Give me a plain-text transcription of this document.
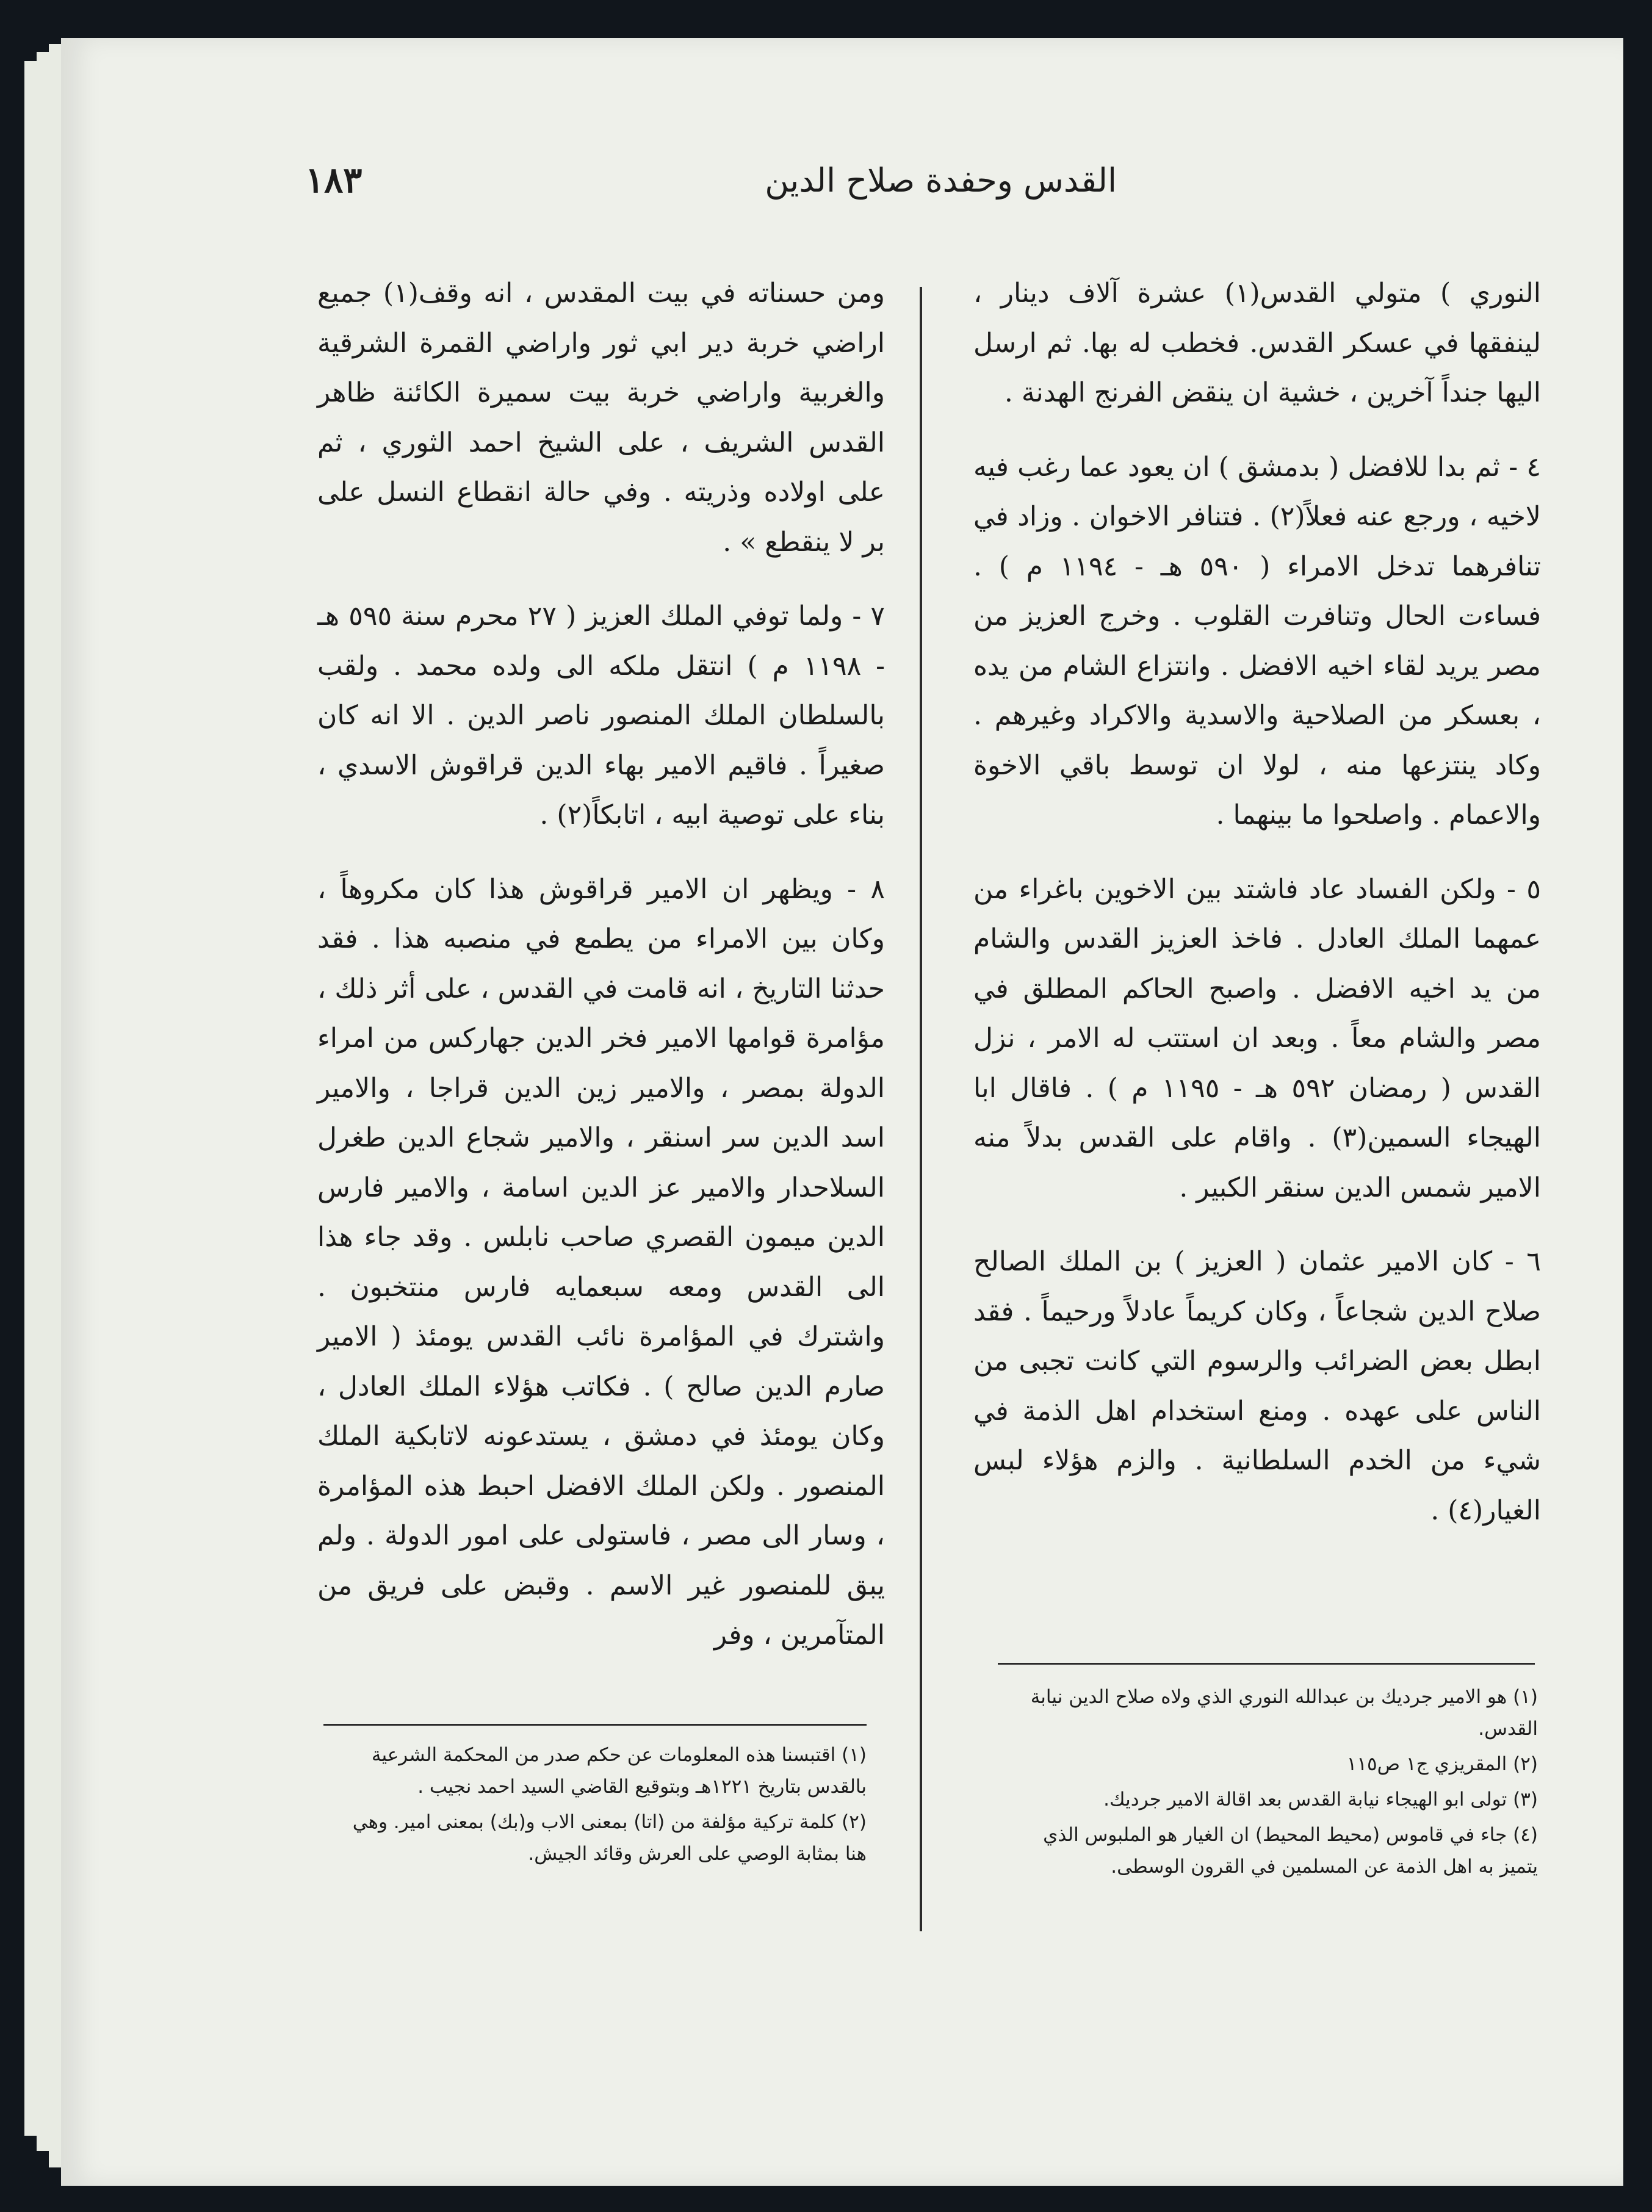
القدس وحفدة صلاح الدين
١٨٣

النوري ) متولي القدس(١) عشرة آلاف دينار ، لينفقها في عسكر القدس. فخطب له بها. ثم ارسل اليها جنداً آخرين ، خشية ان ينقض الفرنج الهدنة .

٤ - ثم بدا للافضل ( بدمشق ) ان يعود عما رغب فيه لاخيه ، ورجع عنه فعلاً(٢) . فتنافر الاخوان . وزاد في تنافرهما تدخل الامراء ( ٥٩٠ هـ - ١١٩٤ م ) . فساءت الحال وتنافرت القلوب . وخرج العزيز من مصر يريد لقاء اخيه الافضل . وانتزاع الشام من يده ، بعسكر من الصلاحية والاسدية والاكراد وغيرهم . وكاد ينتزعها منه ، لولا ان توسط باقي الاخوة والاعمام . واصلحوا ما بينهما .

٥ - ولكن الفساد عاد فاشتد بين الاخوين باغراء من عمهما الملك العادل . فاخذ العزيز القدس والشام من يد اخيه الافضل . واصبح الحاكم المطلق في مصر والشام معاً . وبعد ان استتب له الامر ، نزل القدس ( رمضان ٥٩٢ هـ - ١١٩٥ م ) . فاقال ابا الهيجاء السمين(٣) . واقام على القدس بدلاً منه الامير شمس الدين سنقر الكبير .

٦ - كان الامير عثمان ( العزيز ) بن الملك الصالح صلاح الدين شجاعاً ، وكان كريماً عادلاً ورحيماً . فقد ابطل بعض الضرائب والرسوم التي كانت تجبى من الناس على عهده . ومنع استخدام اهل الذمة في شيء من الخدم السلطانية . والزم هؤلاء لبس الغيار(٤) .

ومن حسناته في بيت المقدس ، انه وقف(١) جميع اراضي خربة دير ابي ثور واراضي القمرة الشرقية والغربية واراضي خربة بيت سميرة الكائنة ظاهر القدس الشريف ، على الشيخ احمد الثوري ، ثم على اولاده وذريته . وفي حالة انقطاع النسل على بر لا ينقطع » .

٧ - ولما توفي الملك العزيز ( ٢٧ محرم سنة ٥٩٥ هـ - ١١٩٨ م ) انتقل ملكه الى ولده محمد . ولقب بالسلطان الملك المنصور ناصر الدين . الا انه كان صغيراً . فاقيم الامير بهاء الدين قراقوش الاسدي ، بناء على توصية ابيه ، اتابكاً(٢) .

٨ - ويظهر ان الامير قراقوش هذا كان مكروهاً ، وكان بين الامراء من يطمع في منصبه هذا . فقد حدثنا التاريخ ، انه قامت في القدس ، على أثر ذلك ، مؤامرة قوامها الامير فخر الدين جهاركس من امراء الدولة بمصر ، والامير زين الدين قراجا ، والامير اسد الدين سر اسنقر ، والامير شجاع الدين طغرل السلاحدار والامير عز الدين اسامة ، والامير فارس الدين ميمون القصري صاحب نابلس . وقد جاء هذا الى القدس ومعه سبعمايه فارس منتخبون . واشترك في المؤامرة نائب القدس يومئذ ( الامير صارم الدين صالح ) . فكاتب هؤلاء الملك العادل ، وكان يومئذ في دمشق ، يستدعونه لاتابكية الملك المنصور . ولكن الملك الافضل احبط هذه المؤامرة ، وسار الى مصر ، فاستولى على امور الدولة . ولم يبق للمنصور غير الاسم . وقبض على فريق من المتآمرين ، وفر

(١) هو الامير جرديك بن عبدالله النوري الذي ولاه صلاح الدين نيابة القدس.

(٢) المقريزي ج١ ص١١٥

(٣) تولى ابو الهيجاء نيابة القدس بعد اقالة الامير جرديك.

(٤) جاء في قاموس (محيط المحيط) ان الغيار هو الملبوس الذي يتميز به اهل الذمة عن المسلمين في القرون الوسطى.

(١) اقتبسنا هذه المعلومات عن حكم صدر من المحكمة الشرعية بالقدس بتاريخ ١٢٢١هـ وبتوقيع القاضي السيد احمد نجيب .

(٢) كلمة تركية مؤلفة من (اتا) بمعنى الاب و(بك) بمعنى امير. وهي هنا بمثابة الوصي على العرش وقائد الجيش.
